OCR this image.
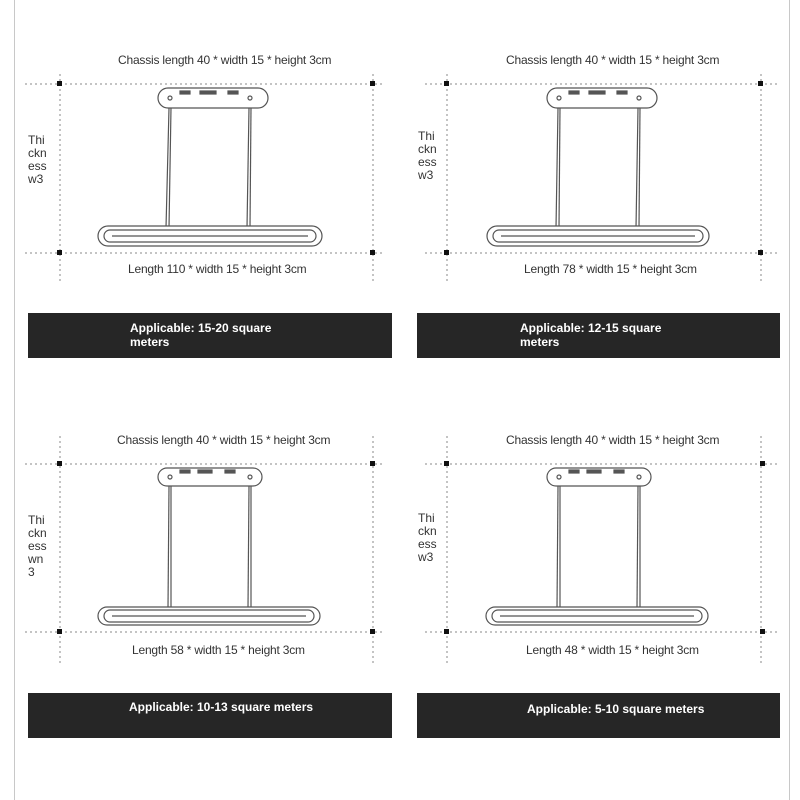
Chassis length 40 * width 15 * height 3cm
Thi
ckn
ess
w3
Length 110 * width 15 * height 3cm
Applicable: 15-20 square
meters
Chassis length 40 * width 15 * height 3cm
Thi
ckn
ess
w3
Length 78 * width 15 * height 3cm
Applicable: 12-15 square
meters
Chassis length 40 * width 15 * height 3cm
Thi
ckn
ess
wn
3
Length 58 * width 15 * height 3cm
Applicable: 10-13 square meters
Chassis length 40 * width 15 * height 3cm
Thi
ckn
ess
w3
Length 48 * width 15 * height 3cm
Applicable: 5-10 square meters
